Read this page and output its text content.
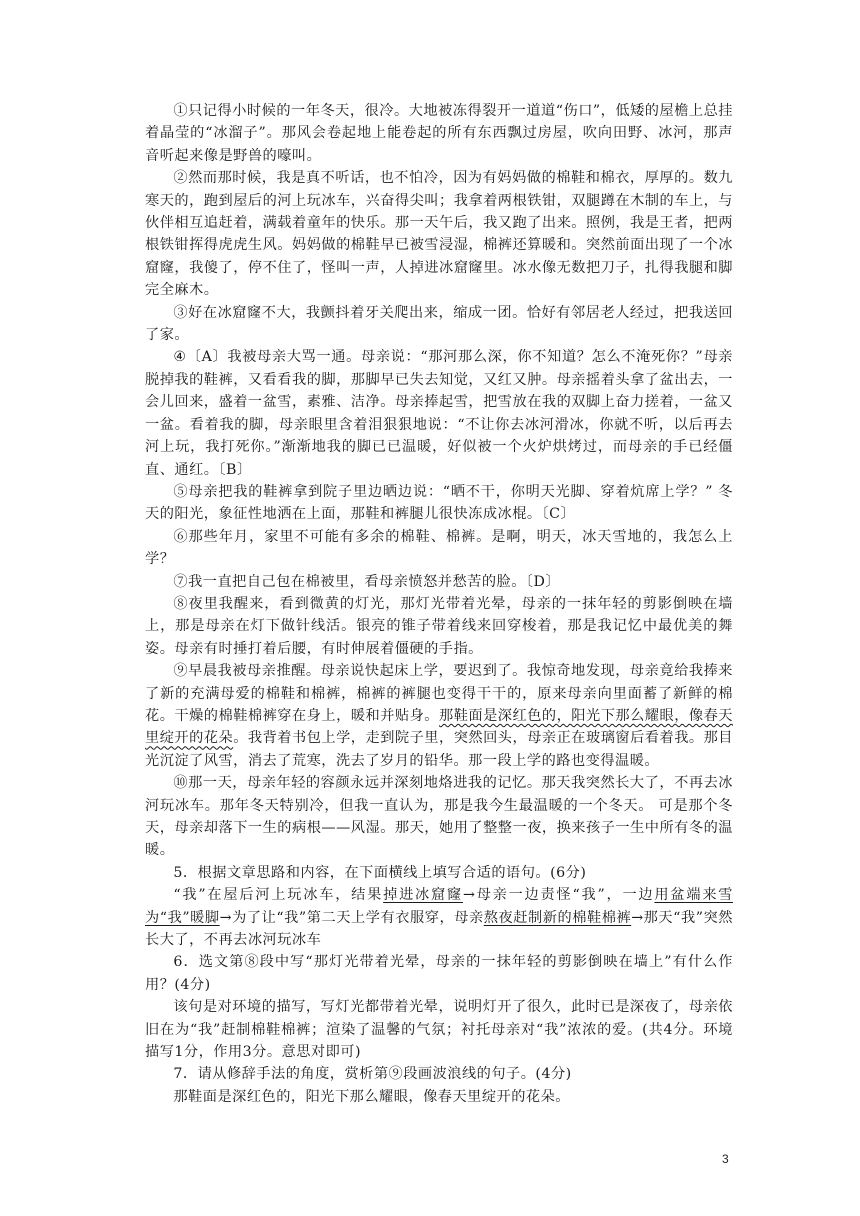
①只记得小时候的一年冬天，很冷。大地被冻得裂开一道道“伤口”，低矮的屋檐上总挂着晶莹的“冰溜子”。那风会卷起地上能卷起的所有东西飘过房屋，吹向田野、冰河，那声音听起来像是野兽的嚎叫。

②然而那时候，我是真不听话，也不怕冷，因为有妈妈做的棉鞋和棉衣，厚厚的。数九寒天的，跑到屋后的河上玩冰车，兴奋得尖叫；我拿着两根铁钳，双腿蹲在木制的车上，与伙伴相互追赶着，满载着童年的快乐。那一天午后，我又跑了出来。照例，我是王者，把两根铁钳挥得虎虎生风。妈妈做的棉鞋早已被雪浸湿，棉裤还算暖和。突然前面出现了一个冰窟窿，我傻了，停不住了，怪叫一声，人掉进冰窟窿里。冰水像无数把刀子，扎得我腿和脚完全麻木。

③好在冰窟窿不大，我颤抖着牙关爬出来，缩成一团。恰好有邻居老人经过，把我送回了家。

④〔A〕我被母亲大骂一通。母亲说：“那河那么深，你不知道？怎么不淹死你？”母亲脱掉我的鞋裤，又看看我的脚，那脚早已失去知觉，又红又肿。母亲摇着头拿了盆出去，一会儿回来，盛着一盆雪，素雅、洁净。母亲捧起雪，把雪放在我的双脚上奋力搓着，一盆又一盆。看着我的脚，母亲眼里含着泪狠狠地说：“不让你去冰河滑冰，你就不听，以后再去河上玩，我打死你。”渐渐地我的脚已已温暖，好似被一个火炉烘烤过，而母亲的手已经僵直、通红。〔B〕

⑤母亲把我的鞋裤拿到院子里边晒边说：“晒不干，你明天光脚、穿着炕席上学？” 冬天的阳光，象征性地洒在上面，那鞋和裤腿儿很快冻成冰棍。〔C〕

⑥那些年月，家里不可能有多余的棉鞋、棉裤。是啊，明天，冰天雪地的，我怎么上学？

⑦我一直把自己包在棉被里，看母亲愤怒并愁苦的脸。〔D〕

⑧夜里我醒来，看到微黄的灯光，那灯光带着光晕，母亲的一抹年轻的剪影倒映在墙上，那是母亲在灯下做针线活。银亮的锥子带着线来回穿梭着，那是我记忆中最优美的舞姿。母亲有时捶打着后腰，有时伸展着僵硬的手指。

⑨早晨我被母亲推醒。母亲说快起床上学，要迟到了。我惊奇地发现，母亲竟给我捧来了新的充满母爱的棉鞋和棉裤，棉裤的裤腿也变得干干的，原来母亲向里面蓄了新鲜的棉花。干燥的棉鞋棉裤穿在身上，暖和并贴身。那鞋面是深红色的，阳光下那么耀眼，像春天里绽开的花朵。我背着书包上学，走到院子里，突然回头，母亲正在玻璃窗后看着我。那目光沉淀了风雪，消去了荒寒，洗去了岁月的铅华。那一段上学的路也变得温暖。

⑩那一天，母亲年轻的容颜永远并深刻地烙进我的记忆。那天我突然长大了，不再去冰河玩冰车。那年冬天特别冷，但我一直认为，那是我今生最温暖的一个冬天。 可是那个冬天，母亲却落下一生的病根——风湿。那天，她用了整整一夜，换来孩子一生中所有冬的温暖。

5．根据文章思路和内容，在下面横线上填写合适的语句。(6分)

“我”在屋后河上玩冰车，结果掉进冰窟窿→母亲一边责怪“我”，一边用盆端来雪为“我”暖脚→为了让“我”第二天上学有衣服穿，母亲熬夜赶制新的棉鞋棉裤→那天“我”突然长大了，不再去冰河玩冰车

6．选文第⑧段中写“那灯光带着光晕，母亲的一抹年轻的剪影倒映在墙上”有什么作用？(4分)

该句是对环境的描写，写灯光都带着光晕，说明灯开了很久，此时已是深夜了，母亲依旧在为“我”赶制棉鞋棉裤；渲染了温馨的气氛；衬托母亲对“我”浓浓的爱。(共4分。环境描写1分，作用3分。意思对即可)

7．请从修辞手法的角度，赏析第⑨段画波浪线的句子。(4分)

那鞋面是深红色的，阳光下那么耀眼，像春天里绽开的花朵。

3
